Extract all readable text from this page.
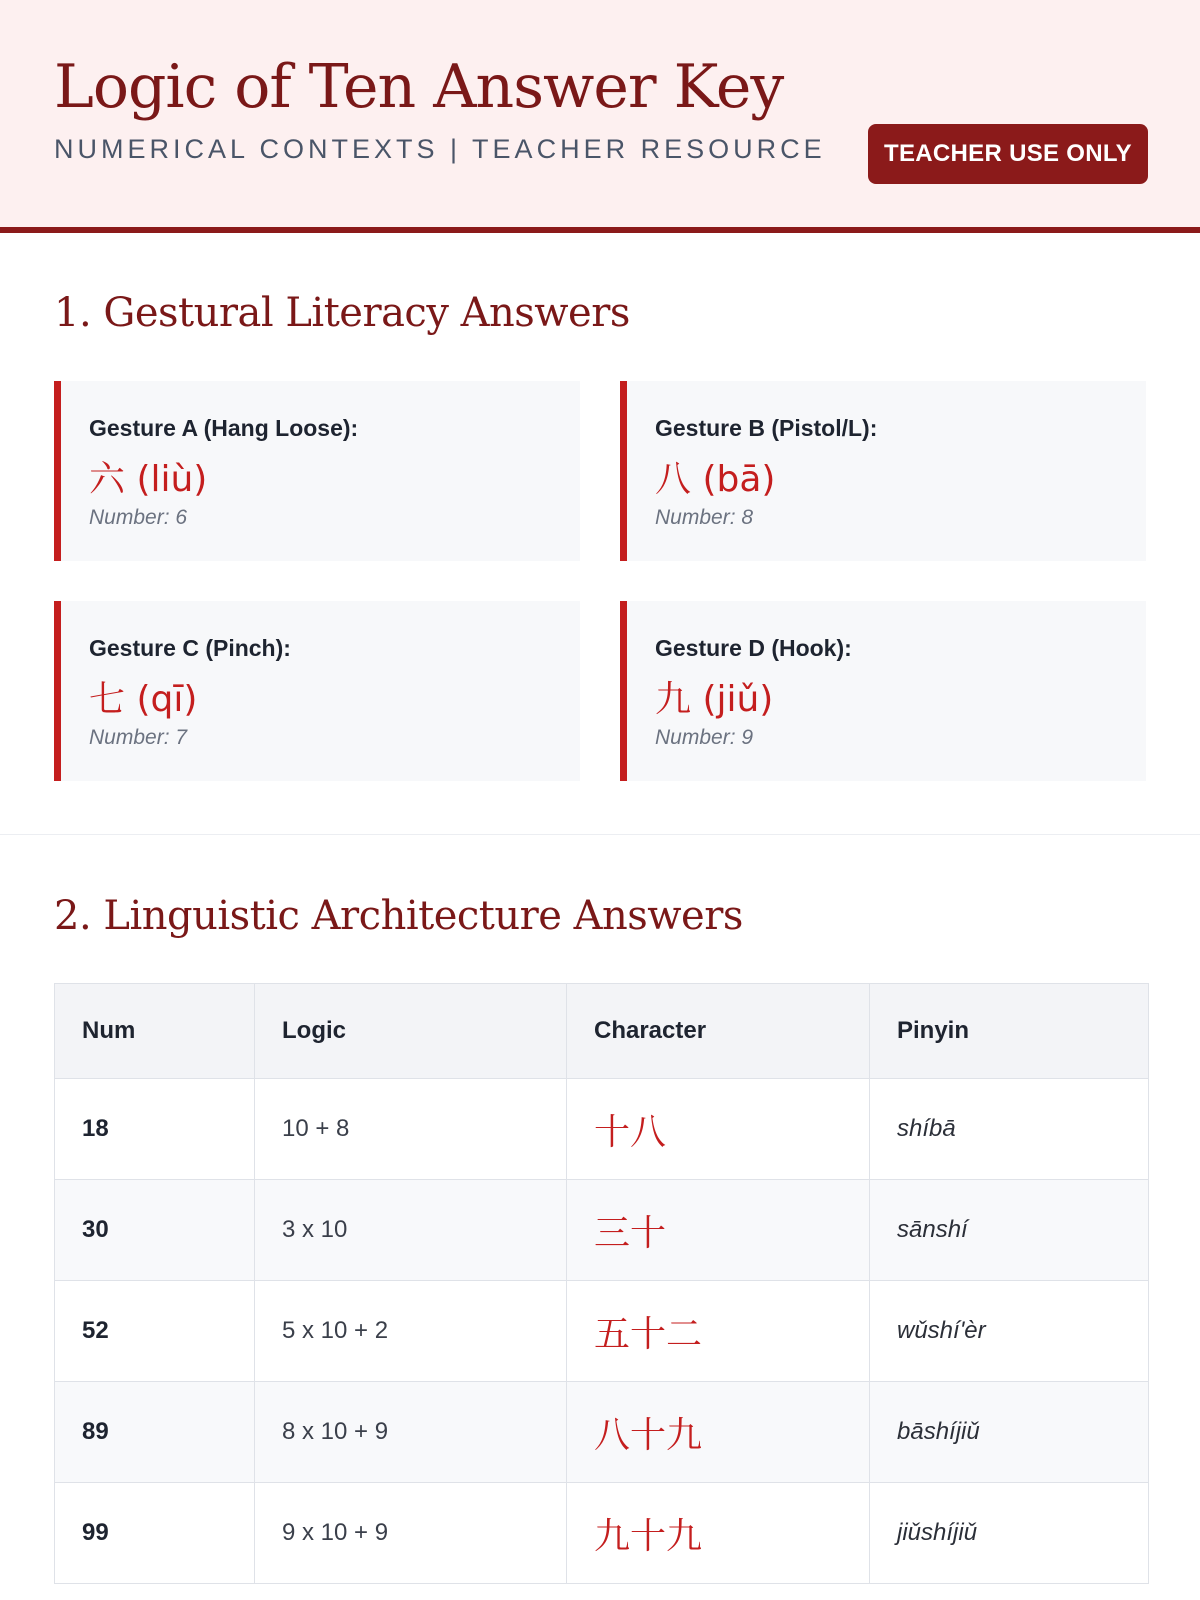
Logic of Ten Answer Key
NUMERICAL CONTEXTS | TEACHER RESOURCE	TEACHER USE ONLY
1. Gestural Literacy Answers
Gesture A (Hang Loose):
六 (liù)
Number: 6
Gesture B (Pistol/L):
八 (bā)
Number: 8
Gesture C (Pinch):
七 (qī)
Number: 7
Gesture D (Hook):
九 (jiǔ)
Number: 9
2. Linguistic Architecture Answers
Num	Logic	Character	Pinyin
18	10 + 8	十八	shíbā
30	3 x 10	三十	sānshí
52	5 x 10 + 2	五十二	wǔshí'èr
89	8 x 10 + 9	八十九	bāshíjiǔ
99	9 x 10 + 9	九十九	jiǔshíjiǔ
